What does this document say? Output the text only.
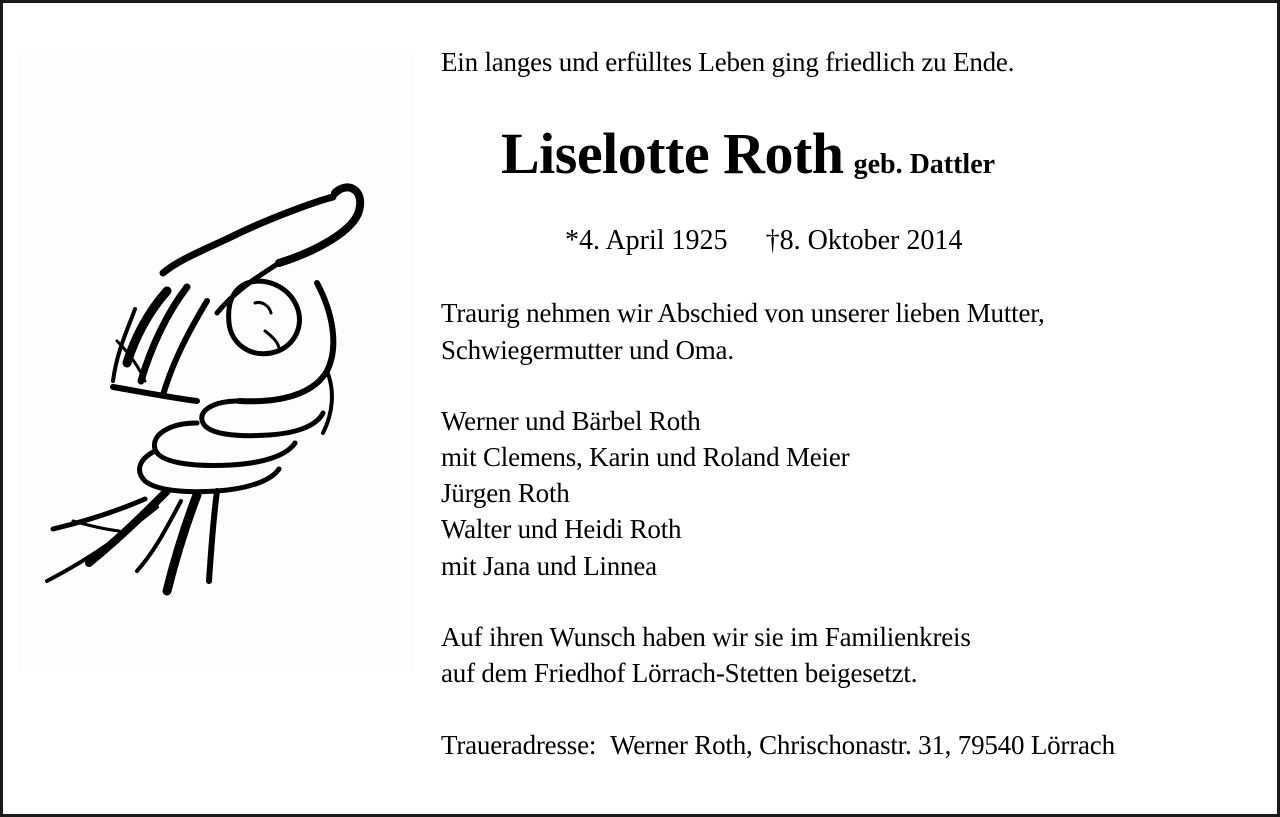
Ein langes und erfülltes Leben ging friedlich zu Ende.
Liselotte Roth geb. Dattler
*4. April 1925 †8. Oktober 2014
Traurig nehmen wir Abschied von unserer lieben Mutter,
Schwiegermutter und Oma.
Werner und Bärbel Roth
mit Clemens, Karin und Roland Meier
Jürgen Roth
Walter und Heidi Roth
mit Jana und Linnea
Auf ihren Wunsch haben wir sie im Familienkreis
auf dem Friedhof Lörrach-Stetten beigesetzt.
Traueradresse: Werner Roth, Chrischonastr. 31, 79540 Lörrach
